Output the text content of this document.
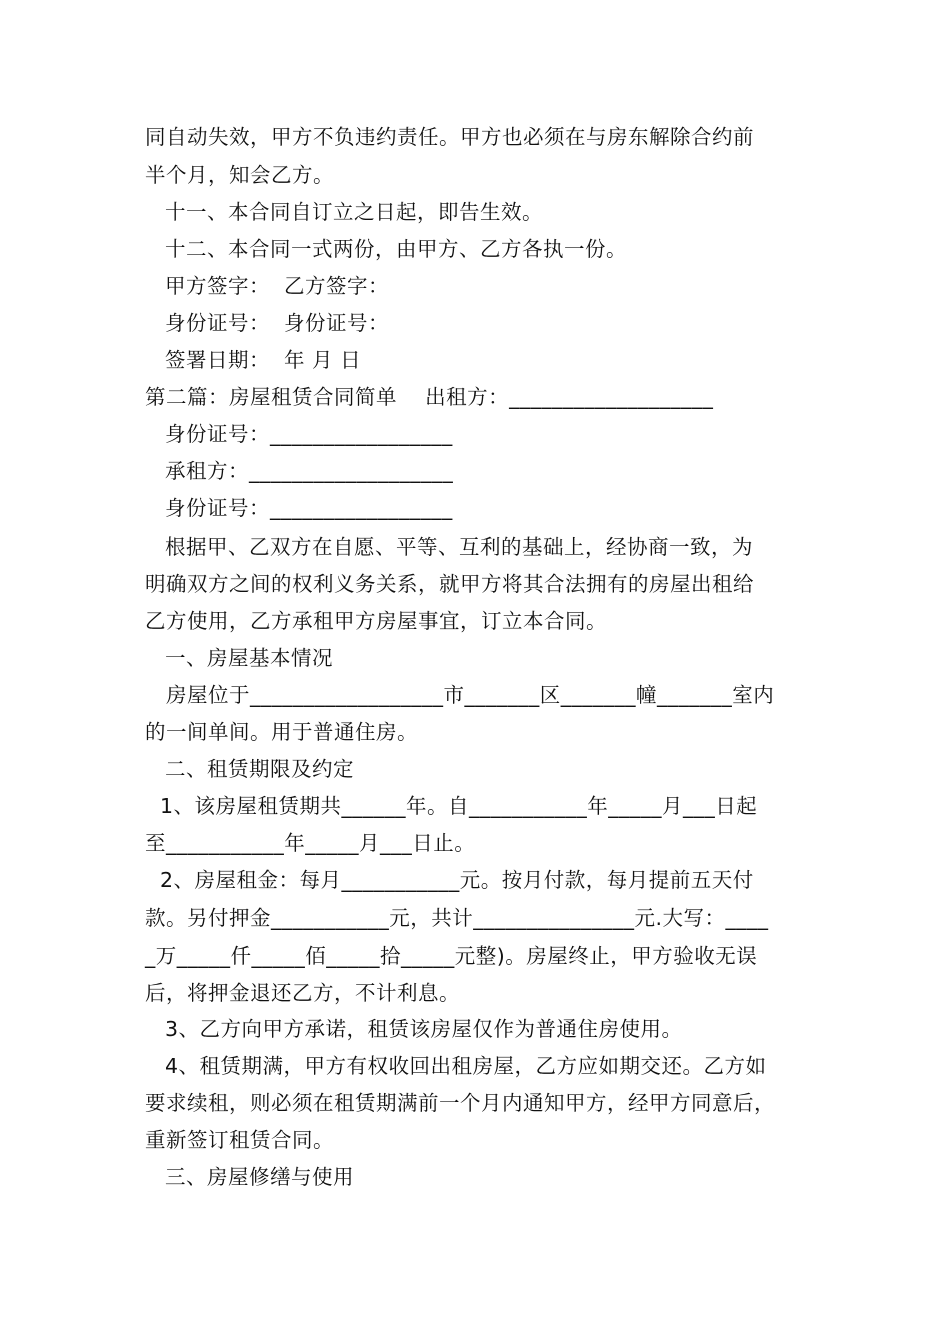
同自动失效，甲方不负违约责任。甲方也必须在与房东解除合约前
半个月，知会乙方。
十一、本合同自订立之日起，即告生效。
十二、本合同一式两份，由甲方、乙方各执一份。
甲方签字：  乙方签字：
身份证号：  身份证号：
签署日期：  年 月 日
第二篇：房屋租赁合同简单    出租方：___________________
身份证号：_________________
承租方：___________________
身份证号：_________________
根据甲、乙双方在自愿、平等、互利的基础上，经协商一致，为
明确双方之间的权利义务关系，就甲方将其合法拥有的房屋出租给
乙方使用，乙方承租甲方房屋事宜，订立本合同。
一、房屋基本情况
房屋位于__________________市_______区_______幢_______室内
的一间单间。用于普通住房。
二、租赁期限及约定
1、该房屋租赁期共______年。自___________年_____月___日起
至___________年_____月___日止。
2、房屋租金：每月___________元。按月付款，每月提前五天付
款。另付押金___________元，共计_______________元.大写：____
_万_____仟_____佰_____拾_____元整)。房屋终止，甲方验收无误
后，将押金退还乙方，不计利息。
3、乙方向甲方承诺，租赁该房屋仅作为普通住房使用。
4、租赁期满，甲方有权收回出租房屋，乙方应如期交还。乙方如
要求续租，则必须在租赁期满前一个月内通知甲方，经甲方同意后，
重新签订租赁合同。
三、房屋修缮与使用
